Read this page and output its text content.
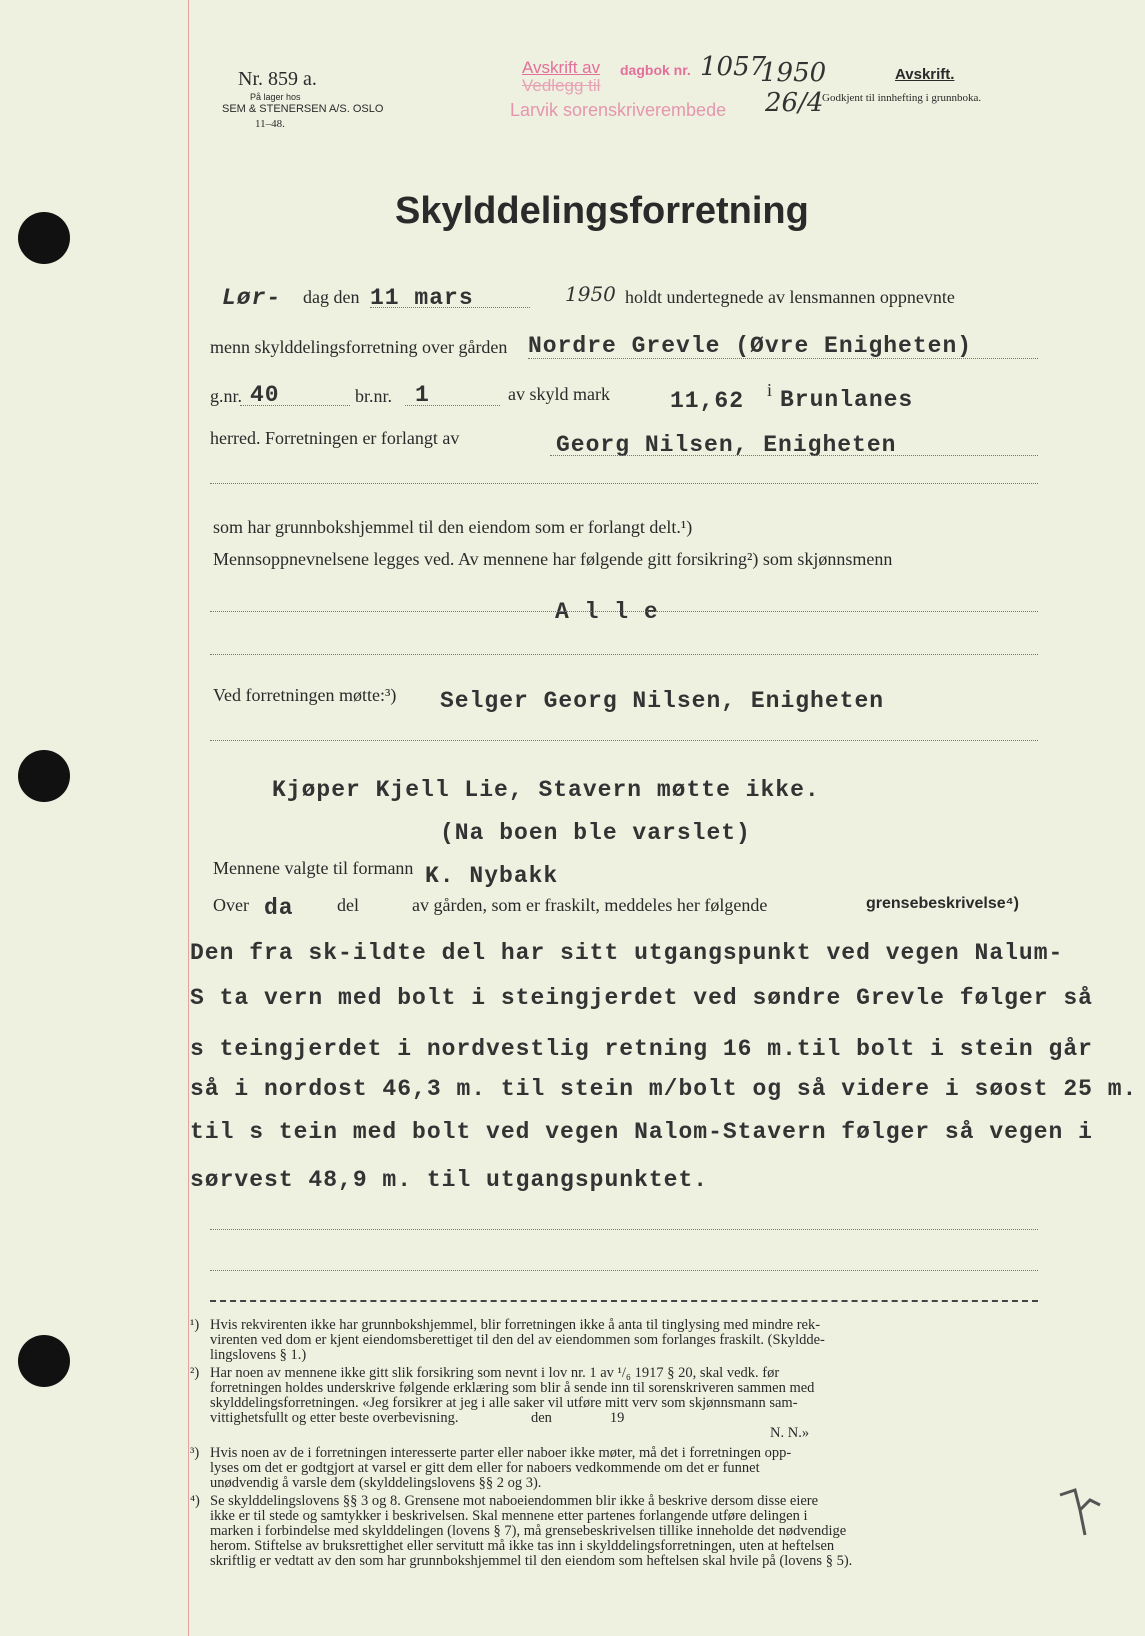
Nr. 859 a.
På lager hos
SEM & STENERSEN A/S. OSLO
11–48.
Avskrift av
Vedlegg til
dagbok nr. 1057
1950
Larvik sorenskriverembede 26/4
Avskrift.
Godkjent til innhefting i grunnboka.
Skylddelingsforretning
Lør- dag den 11 mars	1950 holdt undertegnede av lensmannen oppnevnte
menn skylddelingsforretning over gården Nordre Grevle (Øvre Enigheten)
g.nr. 40	br.nr. 1	av skyld mark	11,62 i Brunlanes
herred. Forretningen er forlangt av	Georg Nilsen, Enigheten
som har grunnbokshjemmel til den eiendom som er forlangt delt.¹)
Mennsoppnevnelsene legges ved. Av mennene har følgende gitt forsikring²) som skjønnsmenn
A l l e
Ved forretningen møtte:³) Selger Georg Nilsen, Enigheten
Kjøper Kjell Lie, Stavern møtte ikke.
(Na boen ble varslet)
Mennene valgte til formann K. Nybakk
Over da del	av gården, som er fraskilt, meddeles her følgende	grensebeskrivelse⁴)
Den fra sk-ildte del har sitt utgangspunkt ved vegen Nalum-
S ta vern med bolt i steingjerdet ved søndre Grevle følger så
s teingjerdet i nordvestlig retning 16 m.til bolt i stein går
så i nordost 46,3 m. til stein m/bolt og så videre i søost 25 m.
til s tein med bolt ved vegen Nalom-Stavern følger så vegen i
sørvest 48,9 m. til utgangspunktet.
¹) Hvis rekvirenten ikke har grunnbokshjemmel, blir forretningen ikke å anta til tinglysing med mindre rek-
virenten ved dom er kjent eiendomsberettiget til den del av eiendommen som forlanges fraskilt. (Skyldde-
lingslovens § 1.)
²) Har noen av mennene ikke gitt slik forsikring som nevnt i lov nr. 1 av ¹/₆ 1917 § 20, skal vedk. før
forretningen holdes underskrive følgende erklæring som blir å sende inn til sorenskriveren sammen med
skylddelingsforretningen. «Jeg forsikrer at jeg i alle saker vil utføre mitt verv som skjønnsmann sam-
vittighetsfullt og etter beste overbevisning.                    den                19
N. N.»
³) Hvis noen av de i forretningen interesserte parter eller naboer ikke møter, må det i forretningen opp-
lyses om det er godtgjort at varsel er gitt dem eller for naboers vedkommende om det er funnet
unødvendig å varsle dem (skylddelingslovens §§ 2 og 3).
⁴) Se skylddelingslovens §§ 3 og 8. Grensene mot naboeiendommen blir ikke å beskrive dersom disse eiere
ikke er til stede og samtykker i beskrivelsen. Skal mennene etter partenes forlangende utføre delingen i
marken i forbindelse med skylddelingen (lovens § 7), må grensebeskrivelsen tillike inneholde det nødvendige
herom. Stiftelse av bruksrettighet eller servitutt må ikke tas inn i skylddelingsforretningen, uten at heftelsen
skriftlig er vedtatt av den som har grunnbokshjemmel til den eiendom som heftelsen skal hvile på (lovens § 5).
